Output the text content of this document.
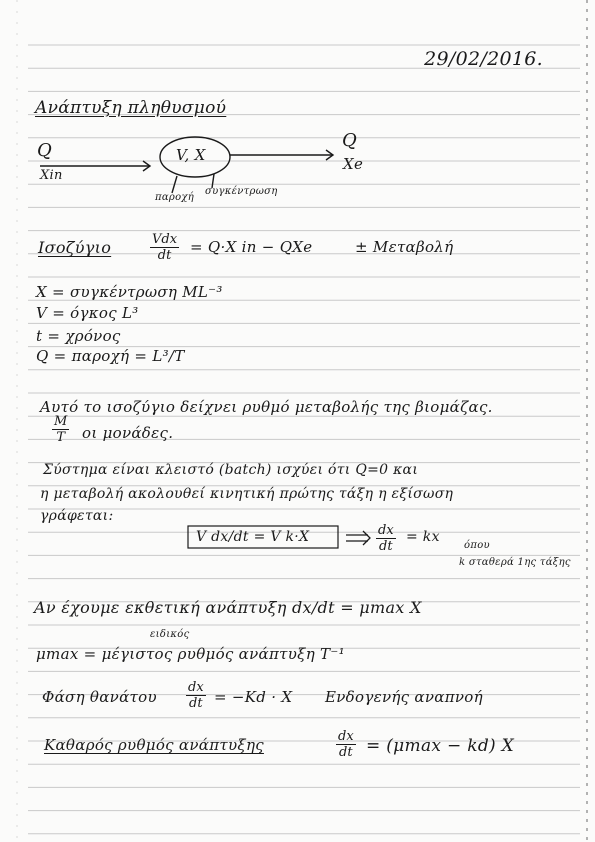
29/02/2016.
Ανάπτυξη πληθυσμού
Q
Xin
V, X
Q
Xe
παροχή
συγκέντρωση
Ισοζύγιο	Vdx
dt	= Q·X in − QXe	± Μεταβολή
X = συγκέντρωση ML⁻³
V = όγκος L³
t = χρόνος
Q = παροχή = L³/T
Αυτό το ισοζύγιο δείχνει ρυθμό μεταβολής της βιομάζας.
$\frac{M}{T}$ οι μονάδες.
Σύστημα είναι κλειστό (batch) ισχύει ότι Q=0 και
η μεταβολή ακολουθεί κινητική πρώτης τάξη η εξίσωση
γράφεται:
V dx/dt = V k·X	$\frac{dx}{dt}$ = kx
όπου
k σταθερά 1ης τάξης
Αν έχουμε εκθετική ανάπτυξη dx/dt = μmax X
ειδικός
μmax = μέγιστος ρυθμός ανάπτυξη T⁻¹
Φάση θανάτου $\frac{dx}{dt} = -Kd \cdot X$ Ενδογενής αναπνοή
Καθαρός ρυθμός ανάπτυξης	$\frac{dx}{dt} = (\mu\max - kd)$ X
